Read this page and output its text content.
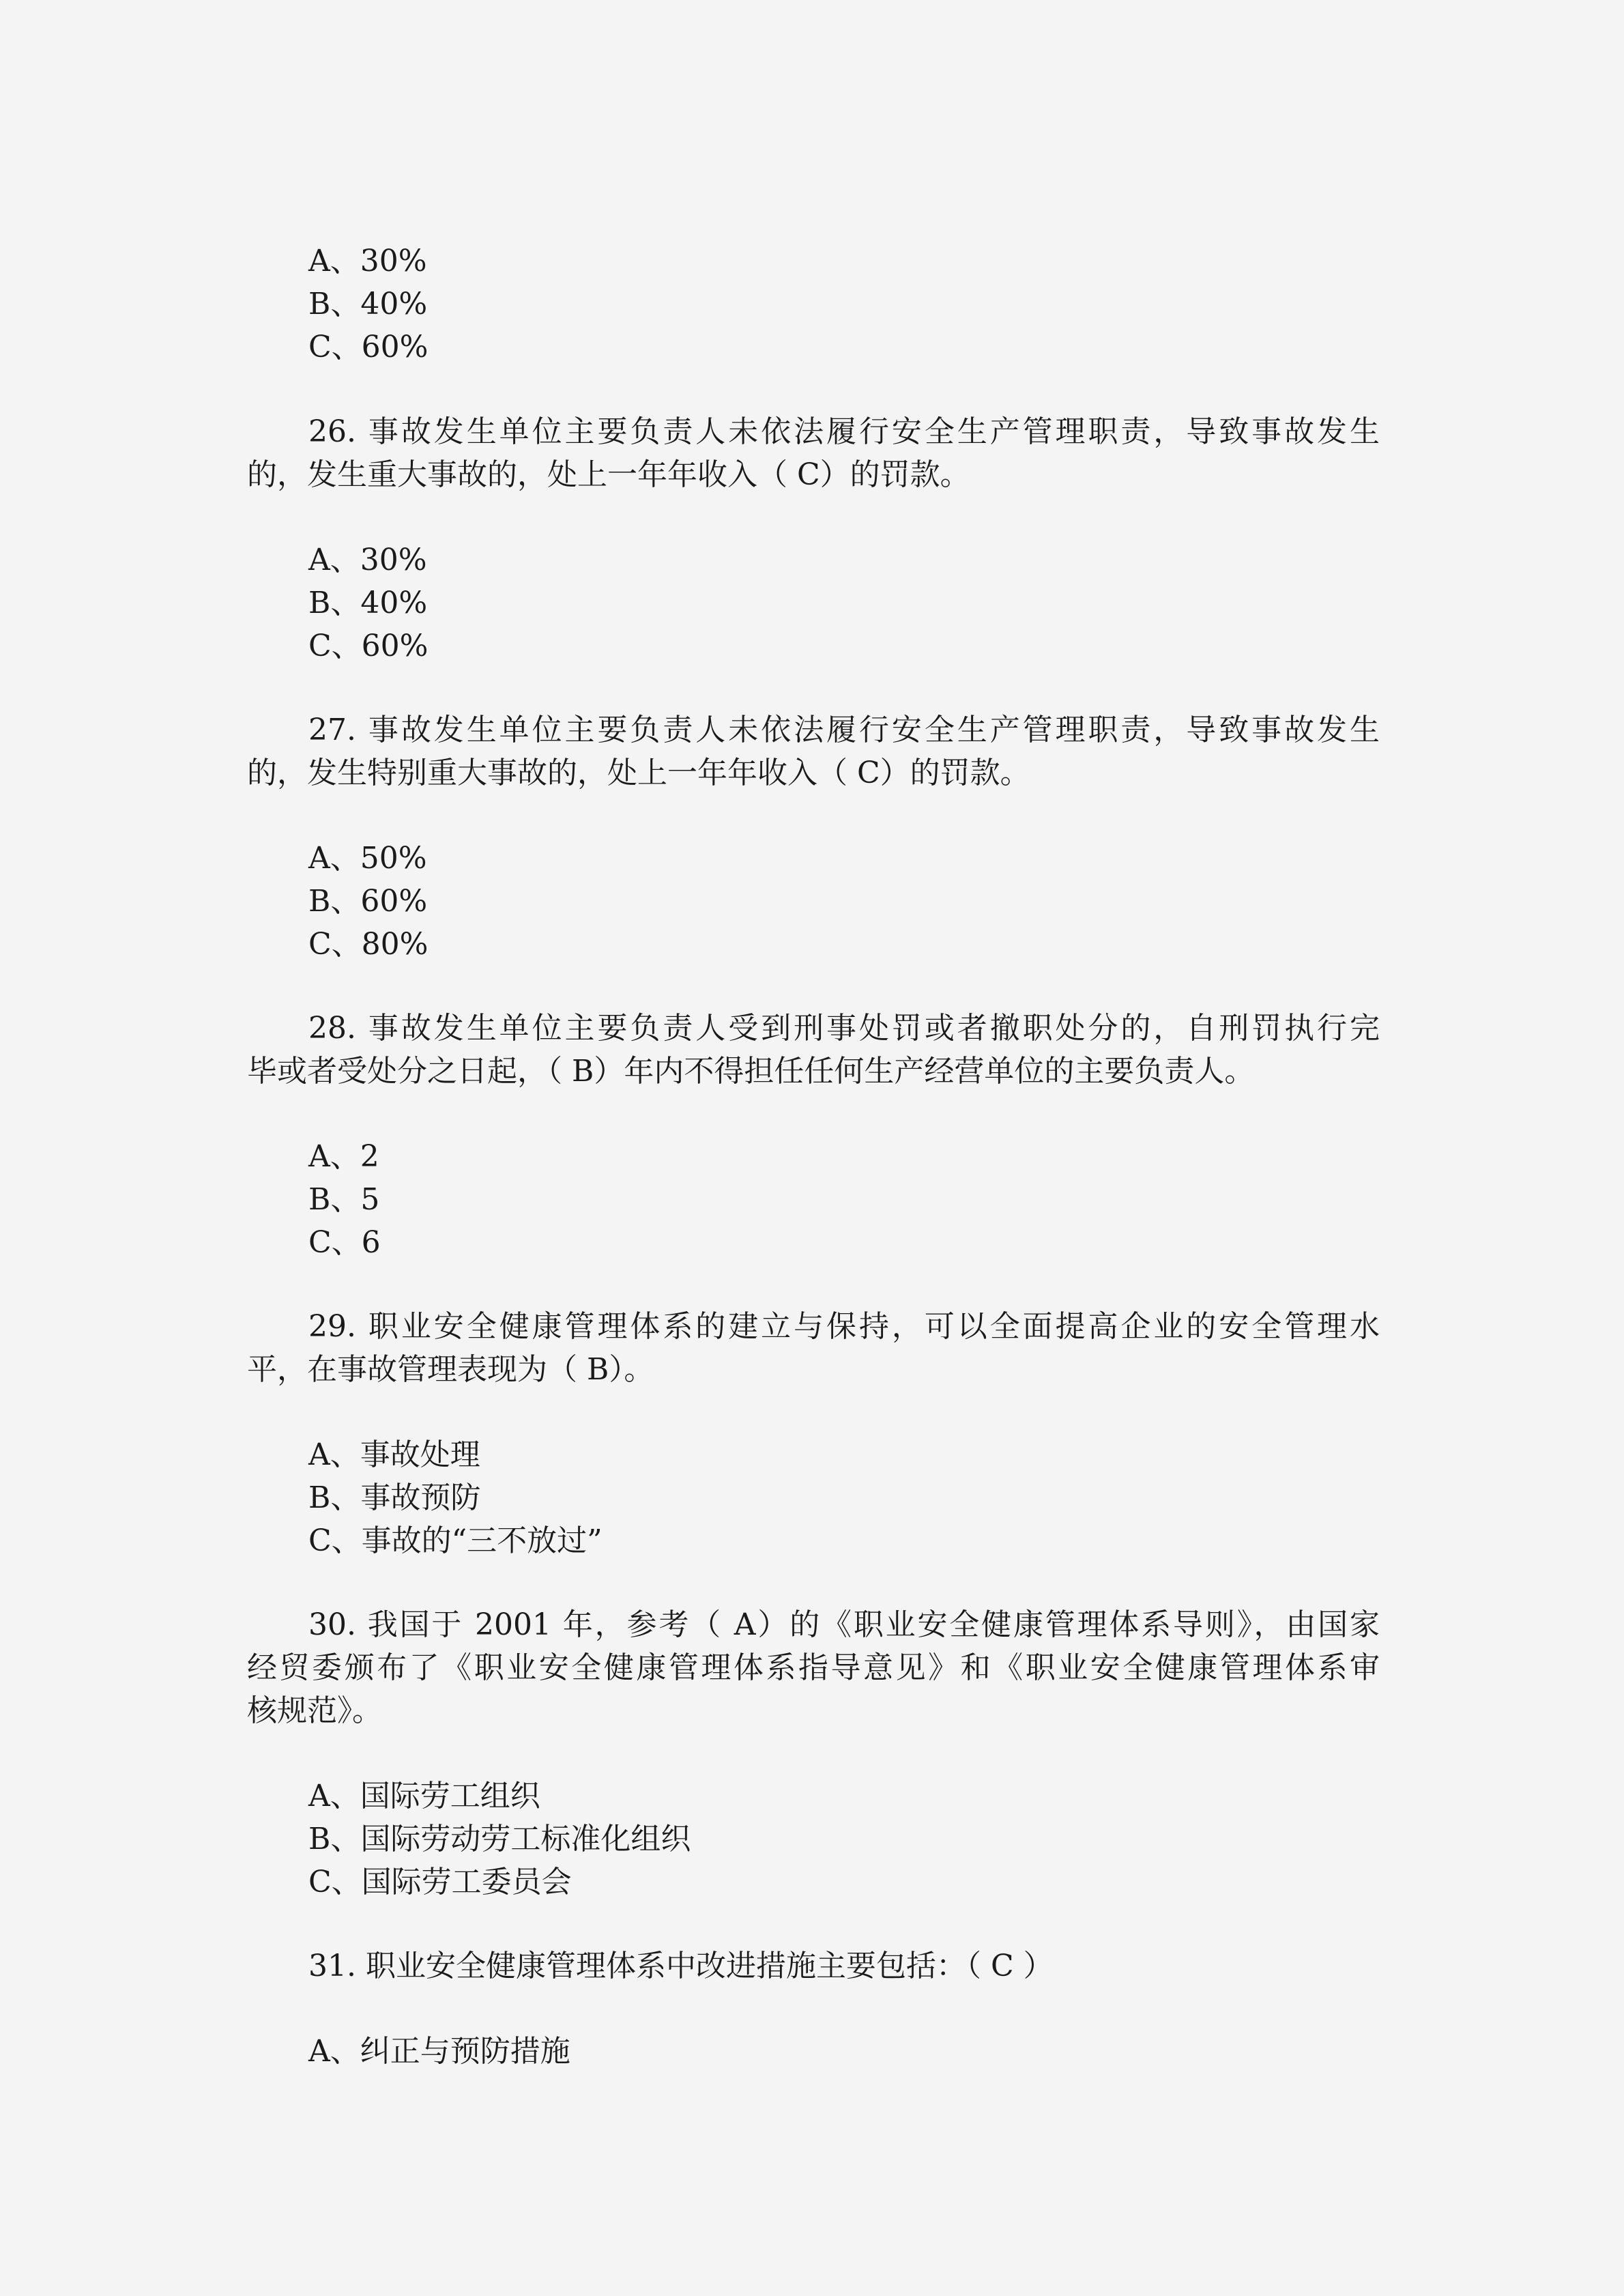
A、30%
B、40%
C、60%
26. 事故发生单位主要负责人未依法履行安全生产管理职责，导致事故发生
的，发生重大事故的，处上一年年收入（ C）的罚款。
A、30%
B、40%
C、60%
27. 事故发生单位主要负责人未依法履行安全生产管理职责，导致事故发生
的，发生特别重大事故的，处上一年年收入（ C）的罚款。
A、50%
B、60%
C、80%
28. 事故发生单位主要负责人受到刑事处罚或者撤职处分的，自刑罚执行完
毕或者受处分之日起，（ B）年内不得担任任何生产经营单位的主要负责人。
A、2
B、5
C、6
29. 职业安全健康管理体系的建立与保持，可以全面提高企业的安全管理水
平，在事故管理表现为（ B）。
A、事故处理
B、事故预防
C、事故的“三不放过”
30. 我国于 2001 年，参考（ A）的《职业安全健康管理体系导则》，由国家
经贸委颁布了《职业安全健康管理体系指导意见》和《职业安全健康管理体系审
核规范》。
A、国际劳工组织
B、国际劳动劳工标准化组织
C、国际劳工委员会
31. 职业安全健康管理体系中改进措施主要包括：（ C ）
A、纠正与预防措施
